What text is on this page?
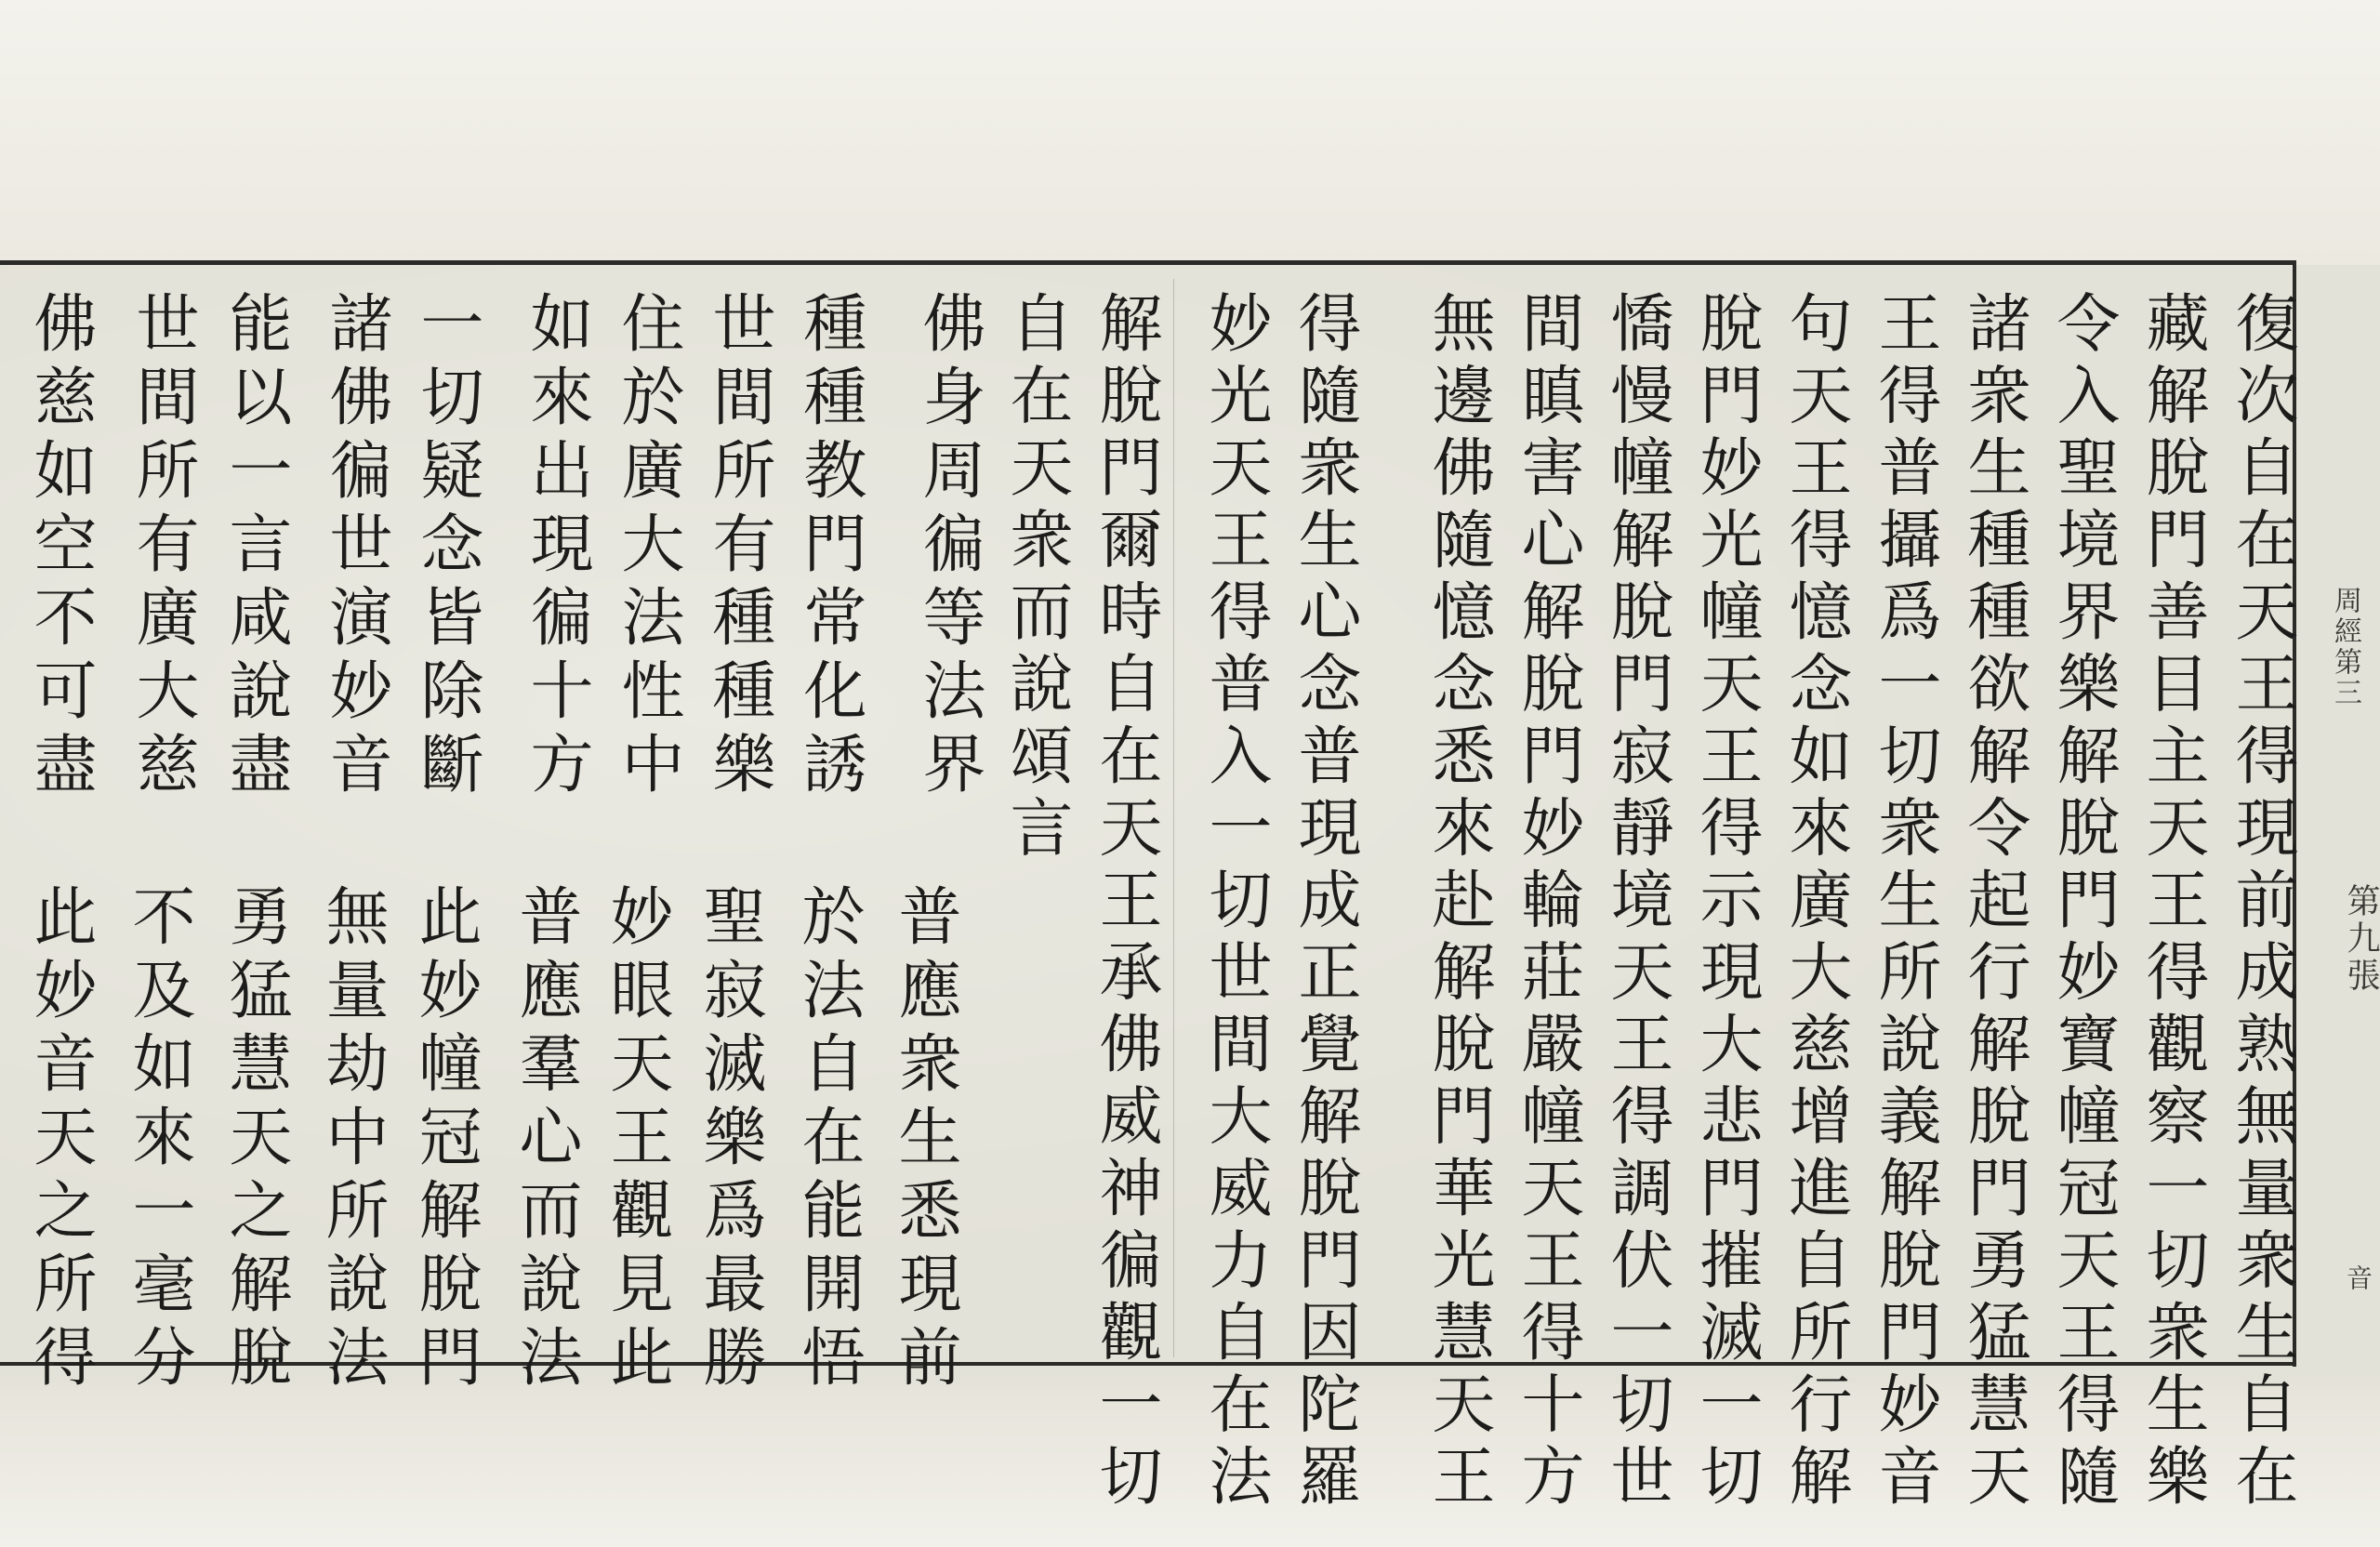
周經第三
第九張
音
復次自在天王得現前成熟無量衆生自在
藏解脫門善目主天王得觀察一切衆生樂
令入聖境界樂解脫門妙寶幢冠天王得隨
諸衆生種種欲解令起行解脫門勇猛慧天
王得普攝爲一切衆生所說義解脫門妙音
句天王得憶念如來廣大慈增進自所行解
脫門妙光幢天王得示現大悲門摧滅一切
憍慢幢解脫門寂靜境天王得調伏一切世
間瞋害心解脫門妙輪莊嚴幢天王得十方
無邊佛隨憶念悉來赴解脫門華光慧天王
得隨衆生心念普現成正覺解脫門因陀羅
妙光天王得普入一切世間大威力自在法
解脫門爾時自在天王承佛威神徧觀一切
自在天衆而說頌言
佛身周徧等法界
種種教門常化誘
世間所有種種樂
住於廣大法性中
如來出現徧十方
一切疑念皆除斷
諸佛徧世演妙音
能以一言咸說盡
世間所有廣大慈
佛慈如空不可盡
普應衆生悉現前
於法自在能開悟
聖寂滅樂爲最勝
妙眼天王觀見此
普應羣心而說法
此妙幢冠解脫門
無量劫中所說法
勇猛慧天之解脫
不及如來一毫分
此妙音天之所得
